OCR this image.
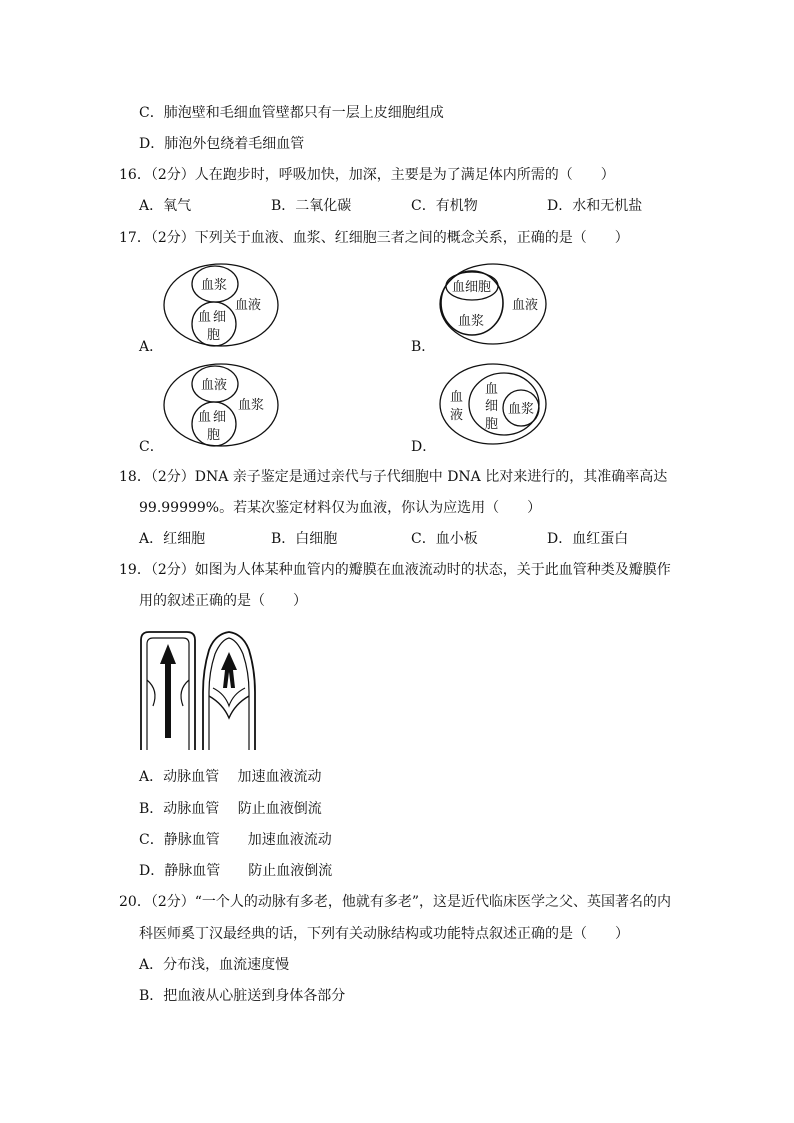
C．肺泡壁和毛细血管壁都只有一层上皮细胞组成
D．肺泡外包绕着毛细血管
16．（2分）人在跑步时，呼吸加快，加深，主要是为了满足体内所需的（　　）
A．氧气	B．二氧化碳	C．有机物	D．水和无机盐
17．（2分）下列关于血液、血浆、红细胞三者之间的概念关系，正确的是（　　）
A．
血浆
血液
血 细
胞
B．
血细胞
血浆
血液
C．
血液
血浆
血 细
胞
D．
血
液
血
细
胞
血浆
18．（2分）DNA 亲子鉴定是通过亲代与子代细胞中 DNA 比对来进行的，其准确率高达
99.99999%。若某次鉴定材料仅为血液，你认为应选用（　　）
A．红细胞	B．白细胞	C．血小板	D．血红蛋白
19．（2分）如图为人体某种血管内的瓣膜在血液流动时的状态，关于此血管种类及瓣膜作
用的叙述正确的是（　　）
A．动脉血管　 加速血液流动
B．动脉血管　 防止血液倒流
C．静脉血管　　加速血液流动
D．静脉血管　　防止血液倒流
20．（2分）“一个人的动脉有多老，他就有多老”，这是近代临床医学之父、英国著名的内
科医师奚丁汉最经典的话，下列有关动脉结构或功能特点叙述正确的是（　　）
A．分布浅，血流速度慢
B．把血液从心脏送到身体各部分
